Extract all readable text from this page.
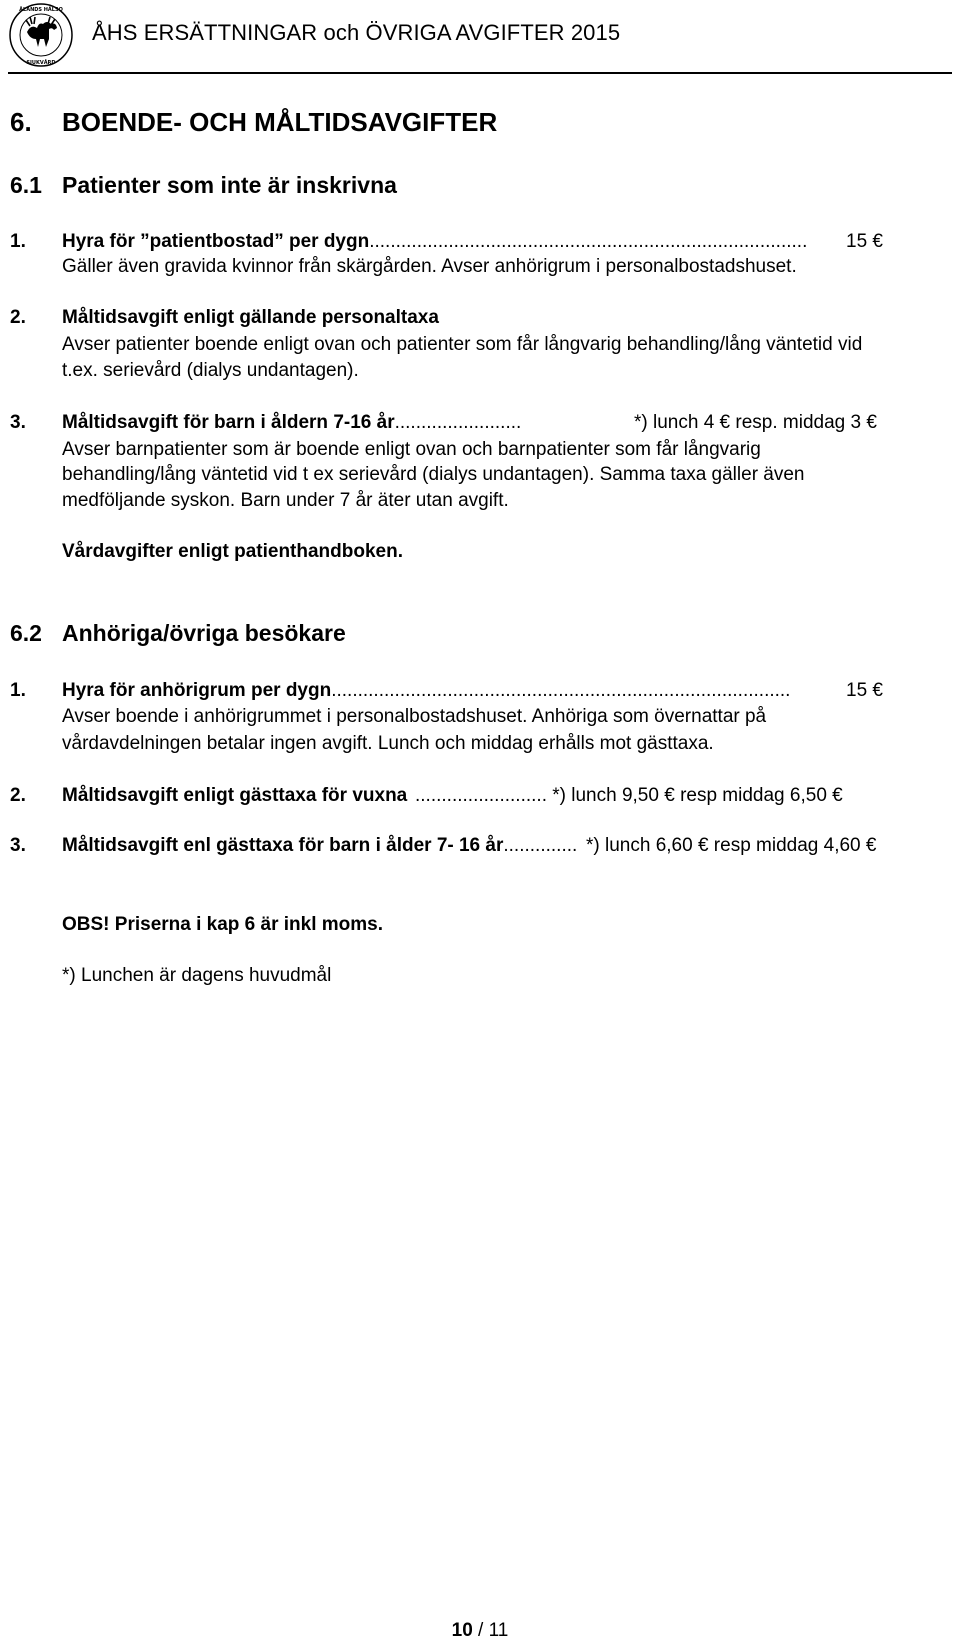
ÅLANDS HÄLSO
SJUKVÅRD
ÅHS ERSÄTTNINGAR och ÖVRIGA AVGIFTER 2015
6. BOENDE- OCH MÅLTIDSAVGIFTER
6.1 Patienter som inte är inskrivna
1. Hyra för ”patientbostad” per dygn................................................................................... 15 €
Gäller även gravida kvinnor från skärgården. Avser anhörigrum i personalbostadshuset.
2. Måltidsavgift enligt gällande personaltaxa
Avser patienter boende enligt ovan och patienter som får långvarig behandling/lång väntetid vid
t.ex. serievård (dialys undantagen).
3. Måltidsavgift för barn i åldern 7-16 år........................	*) lunch 4 € resp. middag 3 €
Avser barnpatienter som är boende enligt ovan och barnpatienter som får långvarig
behandling/lång väntetid vid t ex serievård (dialys undantagen). Samma taxa gäller även
medföljande syskon. Barn under 7 år äter utan avgift.
Vårdavgifter enligt patienthandboken.
6.2 Anhöriga/övriga besökare
1. Hyra för anhörigrum per dygn.......................................................................................	15 €
Avser boende i anhörigrummet i personalbostadshuset. Anhöriga som övernattar på
vårdavdelningen betalar ingen avgift. Lunch och middag erhålls mot gästtaxa.
2. Måltidsavgift enligt gästtaxa för vuxna ......................... *) lunch 9,50 € resp middag 6,50 €
3. Måltidsavgift enl gästtaxa för barn i ålder 7- 16 år.............. *) lunch 6,60 € resp middag 4,60 €
OBS! Priserna i kap 6 är inkl moms.
*) Lunchen är dagens huvudmål
10 / 11
